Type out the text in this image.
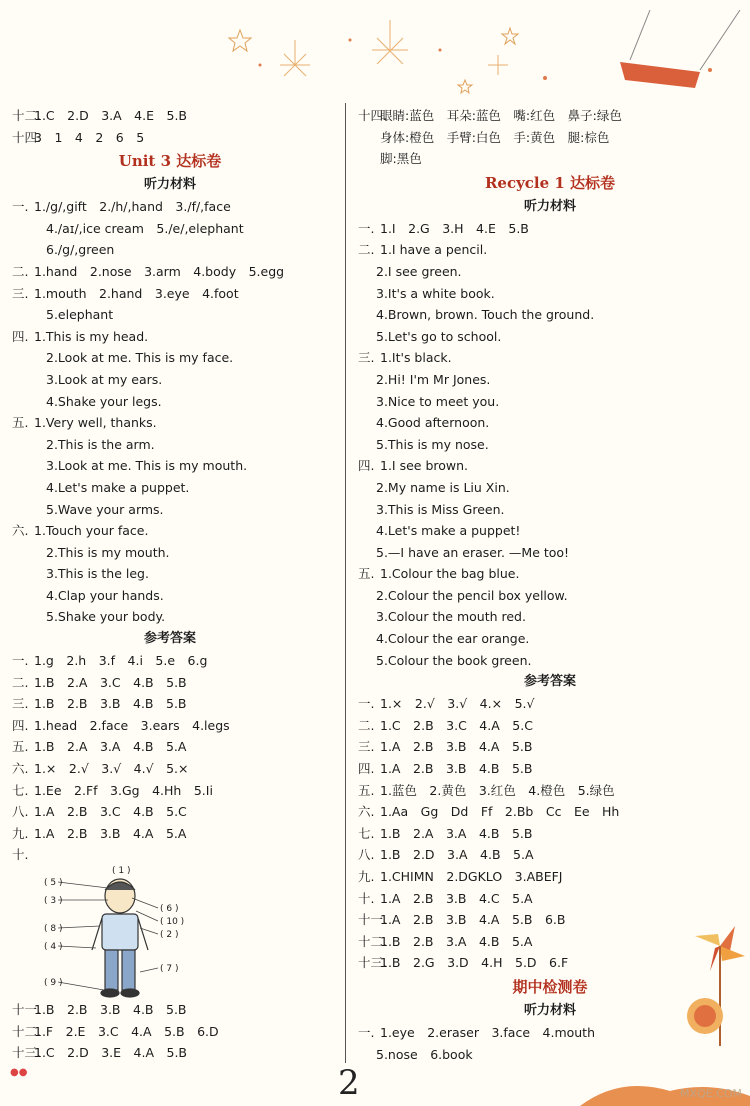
十二.
1.C　2.D　3.A　4.E　5.B
十四.
3　1　4　2　6　5
Unit 3 达标卷
听力材料
一. 1./g/,gift　2./h/,hand　3./f/,face
4./aɪ/,ice cream　5./e/,elephant
6./g/,green
二. 1.hand　2.nose　3.arm　4.body　5.egg
三. 1.mouth　2.hand　3.eye　4.foot
5.elephant
四. 1.This is my head.
2.Look at me. This is my face.
3.Look at my ears.
4.Shake your legs.
五. 1.Very well, thanks.
2.This is the arm.
3.Look at me. This is my mouth.
4.Let's make a puppet.
5.Wave your arms.
六. 1.Touch your face.
2.This is my mouth.
3.This is the leg.
4.Clap your hands.
5.Shake your body.
参考答案
一. 1.g　2.h　3.f　4.i　5.e　6.g
二. 1.B　2.A　3.C　4.B　5.B
三. 1.B　2.B　3.B　4.B　5.B
四. 1.head　2.face　3.ears　4.legs
五. 1.B　2.A　3.A　4.B　5.A
六. 1.×　2.√　3.√　4.√　5.×
七. 1.Ee　2.Ff　3.Gg　4.Hh　5.Ii
八. 1.A　2.B　3.C　4.B　5.C
九. 1.A　2.B　3.B　4.A　5.A
十.
( 1 )
( 5 )
( 3 )
( 6 )
( 10 )
( 8 )
( 2 )
( 4 )
( 7 )
( 9 )
十一.
1.B　2.B　3.B　4.B　5.B
十二.
1.F　2.E　3.C　4.A　5.B　6.D
十三.
1.C　2.D　3.E　4.A　5.B
十四.
眼睛:蓝色　耳朵:蓝色　嘴:红色　鼻子:绿色
身体:橙色　手臂:白色　手:黄色　腿:棕色
脚:黑色
Recycle 1 达标卷
听力材料
一. 1.I　2.G　3.H　4.E　5.B
二. 1.I have a pencil.
2.I see green.
3.It's a white book.
4.Brown, brown. Touch the ground.
5.Let's go to school.
三. 1.It's black.
2.Hi! I'm Mr Jones.
3.Nice to meet you.
4.Good afternoon.
5.This is my nose.
四. 1.I see brown.
2.My name is Liu Xin.
3.This is Miss Green.
4.Let's make a puppet!
5.—I have an eraser. —Me too!
五. 1.Colour the bag blue.
2.Colour the pencil box yellow.
3.Colour the mouth red.
4.Colour the ear orange.
5.Colour the book green.
参考答案
一. 1.×　2.√　3.√　4.×　5.√
二. 1.C　2.B　3.C　4.A　5.C
三. 1.A　2.B　3.B　4.A　5.B
四. 1.A　2.B　3.B　4.B　5.B
五. 1.蓝色　2.黄色　3.红色　4.橙色　5.绿色
六. 1.Aa　Gg　Dd　Ff　2.Bb　Cc　Ee　Hh
七. 1.B　2.A　3.A　4.B　5.B
八. 1.B　2.D　3.A　4.B　5.A
九. 1.CHIMN　2.DGKLO　3.ABEFJ
十. 1.A　2.B　3.B　4.C　5.A
十一.
1.A　2.B　3.B　4.A　5.B　6.B
十二.
1.B　2.B　3.A　4.B　5.A
十三.
1.B　2.G　3.D　4.H　5.D　6.F
期中检测卷
听力材料
一. 1.eye　2.eraser　3.face　4.mouth
5.nose　6.book
●●	2	MXQE.COM
